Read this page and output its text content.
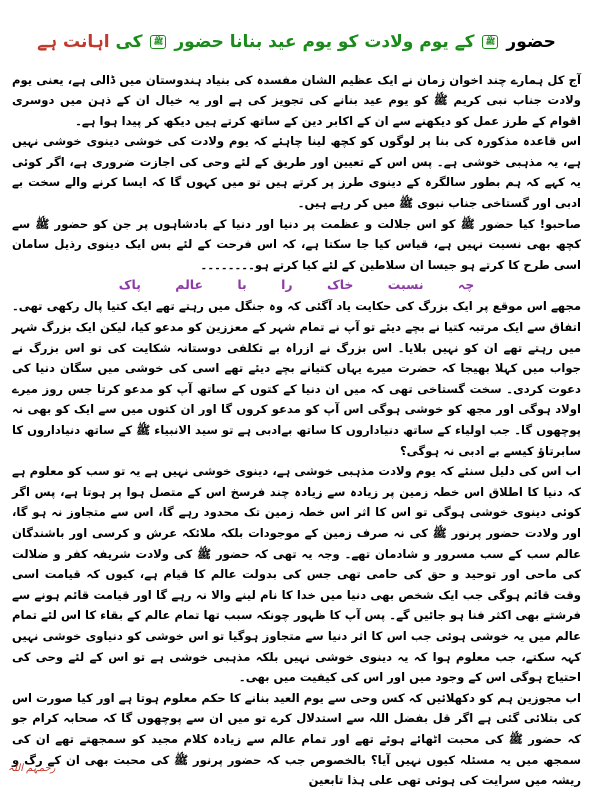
حضور ﷺ کے یوم ولادت کو یوم عید بنانا حضور ﷺ کی اہانت ہے

آج کل ہمارے چند اخوان زمان نے ایک عظیم الشان مفسدہ کی بنیاد ہندوستان میں ڈالی ہے، یعنی یوم ولادت جناب نبی کریم ﷺ کو یوم عید بنانے کی تجویز کی ہے اور یہ خیال ان کے ذہن میں دوسری اقوام کے طرز عمل کو دیکھنے سے ان کے اکابر دین کے ساتھ کرتے ہیں دیکھ کر پیدا ہوا ہے۔

اس قاعدہ مذکورہ کی بنا پر لوگوں کو کچھ لینا چاہئے کہ یوم ولادت کی خوشی دینوی خوشی نہیں ہے، یہ مذہبی خوشی ہے۔ پس اس کے تعیین اور طریق کے لئے وحی کی اجازت ضروری ہے، اگر کوئی یہ کہے کہ ہم بطور سالگرہ کے دینوی طرز پر کرتے ہیں تو میں کہوں گا کہ ایسا کرنے والے سخت بے ادبی اور گستاخی جناب نبوی ﷺ میں کر رہے ہیں۔

صاحبو! کیا حضور ﷺ کو اس جلالت و عظمت پر دنیا اور دنیا کے بادشاہوں پر جن کو حضور ﷺ سے کچھ بھی نسبت نہیں ہے، قیاس کیا جا سکتا ہے، کہ اس فرحت کے لئے بس ایک دینوی رذیل سامان اسی طرح کا کرتے ہو جیسا ان سلاطین کے لئے کیا کرتے ہو۔۔۔۔۔۔۔۔

چہ نسبت خاک را با عالم پاک

مجھے اس موقع پر ایک بزرگ کی حکایت یاد آگئی کہ وہ جنگل میں رہتے تھے ایک کتیا پال رکھی تھی۔ اتفاق سے ایک مرتبہ کتیا نے بچے دیئے تو آپ نے تمام شہر کے معززین کو مدعو کیا، لیکن ایک بزرگ شہر میں رہتے تھے ان کو نہیں بلایا۔ اس بزرگ نے ازراہ بے تکلفی دوستانہ شکایت کی تو اس بزرگ نے جواب میں کہلا بھیجا کہ حضرت میرے یہاں کتیانے بچے دیئے تھے اسی کی خوشی میں سگان دنیا کی دعوت کردی۔ سخت گستاخی تھی کہ میں ان دنیا کے کتوں کے ساتھ آپ کو مدعو کرتا جس روز میرے اولاد ہوگی اور مجھ کو خوشی ہوگی اس آپ کو مدعو کروں گا اور ان کتوں میں سے ایک کو بھی نہ پوچھوں گا۔ جب اولیاء کے ساتھ دنیاداروں کا ساتھ بےادبی ہے تو سید الانبیاء ﷺ کے ساتھ دنیاداروں کا سابرتاؤ کیسے بے ادبی نہ ہوگی؟

اب اس کی دلیل سنئے کہ یوم ولادت مذہبی خوشی ہے، دینوی خوشی نہیں ہے یہ تو سب کو معلوم ہے کہ دنیا کا اطلاق اس خطہ زمین پر زیادہ سے زیادہ چند فرسخ اس کے متصل ہوا پر ہوتا ہے، پس اگر کوئی دینوی خوشی ہوگی تو اس کا اثر اس خطہ زمین تک محدود رہے گا، اس سے متجاوز نہ ہو گا، اور ولادت حضور پرنور ﷺ کی نہ صرف زمین کے موجودات بلکہ ملائکہ عرش و کرسی اور باشندگان عالم سب کے سب مسرور و شادمان تھے۔ وجہ یہ تھی کہ حضور ﷺ کی ولادت شریفہ کفر و ضلالت کی ماحی اور توحید و حق کی حامی تھی جس کی بدولت عالم کا قیام ہے، کیوں کہ قیامت اسی وقت قائم ہوگی جب ایک شخص بھی دنیا میں خدا کا نام لینے والا نہ رہے گا اور قیامت قائم ہونے سے فرشتے بھی اکثر فنا ہو جائیں گے۔ پس آپ کا ظہور چونکہ سبب تھا تمام عالم کے بقاء کا اس لئے تمام عالم میں یہ خوشی ہوئی جب اس کا اثر دنیا سے متجاوز ہوگیا تو اس خوشی کو دنیاوی خوشی نہیں کہہ سکتے، جب معلوم ہوا کہ یہ دینوی خوشی نہیں بلکہ مذہبی خوشی ہے تو اس کے لئے وحی کی احتیاج ہوگی اس کے وجود میں اور اس کی کیفیت میں بھی۔

اب مجوزین ہم کو دکھلائیں کہ کس وحی سے یوم العید بنانے کا حکم معلوم ہوتا ہے اور کیا صورت اس کی بتلائی گئی ہے اگر قل بفضل اللہ سے استدلال کرے تو میں ان سے پوچھوں گا کہ صحابہ کرام جو کہ حضور ﷺ کی محبت اٹھائے ہوئے تھے اور تمام عالم سے زیادہ کلام مجید کو سمجھتے تھے ان کی سمجھ میں یہ مسئلہ کیوں نہیں آیا؟ بالخصوص جب کہ حضور پرنور ﷺ کی محبت بھی ان کے رگ و ریشہ میں سرایت کی ہوئی تھی علی ہذا تابعین

رحمہم اللہ
